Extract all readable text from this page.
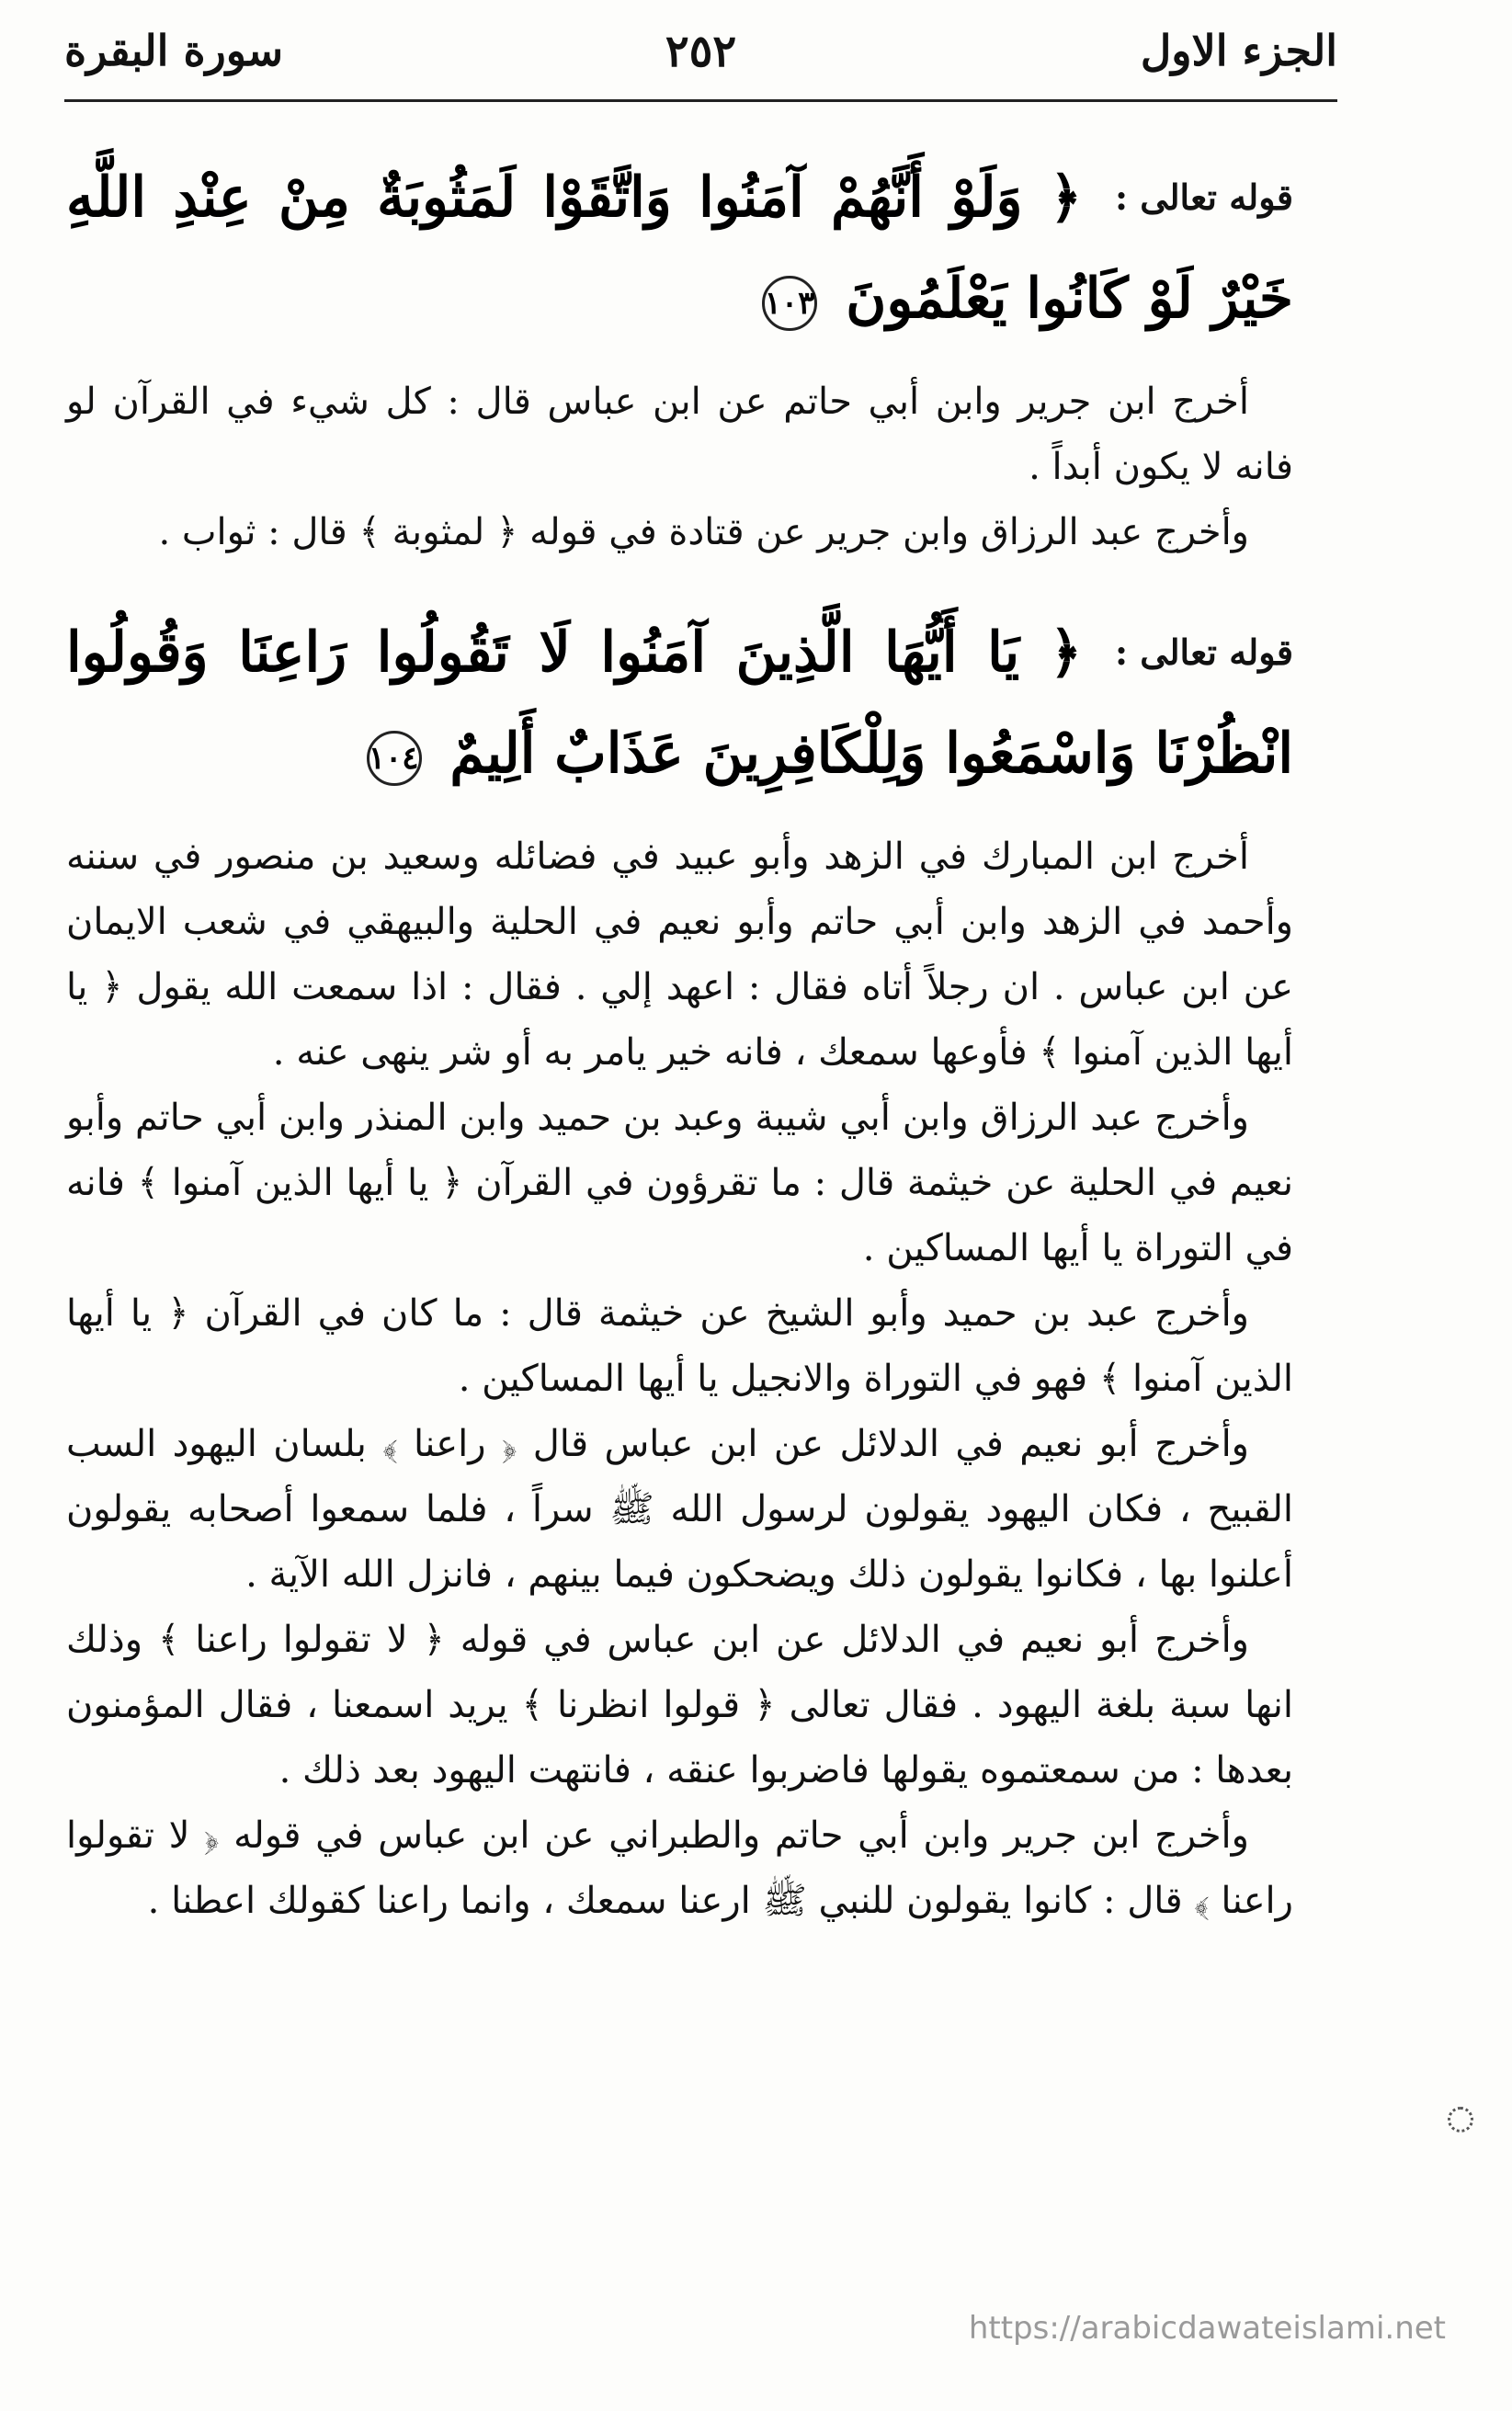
الجزء الاول
٢٥٢
سورة البقرة
قوله تعالى :
﴿ وَلَوْ أَنَّهُمْ آمَنُوا وَاتَّقَوْا لَمَثُوبَةٌ مِنْ عِنْدِ اللَّهِ خَيْرٌ لَوْ كَانُوا يَعْلَمُونَ ١٠٣

أخرج ابن جرير وابن أبي حاتم عن ابن عباس قال : كل شيء في القرآن لو فانه لا يكون أبداً .

وأخرج عبد الرزاق وابن جرير عن قتادة في قوله ﴿ لمثوبة ﴾ قال : ثواب .

قوله تعالى :
﴿ يَا أَيُّهَا الَّذِينَ آمَنُوا لَا تَقُولُوا رَاعِنَا وَقُولُوا انْظُرْنَا وَاسْمَعُوا وَلِلْكَافِرِينَ عَذَابٌ أَلِيمٌ ١٠٤

أخرج ابن المبارك في الزهد وأبو عبيد في فضائله وسعيد بن منصور في سننه وأحمد في الزهد وابن أبي حاتم وأبو نعيم في الحلية والبيهقي في شعب الايمان عن ابن عباس . ان رجلاً أتاه فقال : اعهد إلي . فقال : اذا سمعت الله يقول ﴿ يا أيها الذين آمنوا ﴾ فأوعها سمعك ، فانه خير يامر به أو شر ينهى عنه .

وأخرج عبد الرزاق وابن أبي شيبة وعبد بن حميد وابن المنذر وابن أبي حاتم وأبو نعيم في الحلية عن خيثمة قال : ما تقرؤون في القرآن ﴿ يا أيها الذين آمنوا ﴾ فانه في التوراة يا أيها المساكين .

وأخرج عبد بن حميد وأبو الشيخ عن خيثمة قال : ما كان في القرآن ﴿ يا أيها الذين آمنوا ﴾ فهو في التوراة والانجيل يا أيها المساكين .

وأخرج أبو نعيم في الدلائل عن ابن عباس قال ﴿ راعنا ﴾ بلسان اليهود السب القبيح ، فكان اليهود يقولون لرسول الله ﷺ سراً ، فلما سمعوا أصحابه يقولون أعلنوا بها ، فكانوا يقولون ذلك ويضحكون فيما بينهم ، فانزل الله الآية .

وأخرج أبو نعيم في الدلائل عن ابن عباس في قوله ﴿ لا تقولوا راعنا ﴾ وذلك انها سبة بلغة اليهود . فقال تعالى ﴿ قولوا انظرنا ﴾ يريد اسمعنا ، فقال المؤمنون بعدها : من سمعتموه يقولها فاضربوا عنقه ، فانتهت اليهود بعد ذلك .

وأخرج ابن جرير وابن أبي حاتم والطبراني عن ابن عباس في قوله ﴿ لا تقولوا راعنا ﴾ قال : كانوا يقولون للنبي ﷺ ارعنا سمعك ، وانما راعنا كقولك اعطنا .

https://arabicdawateislami.net
